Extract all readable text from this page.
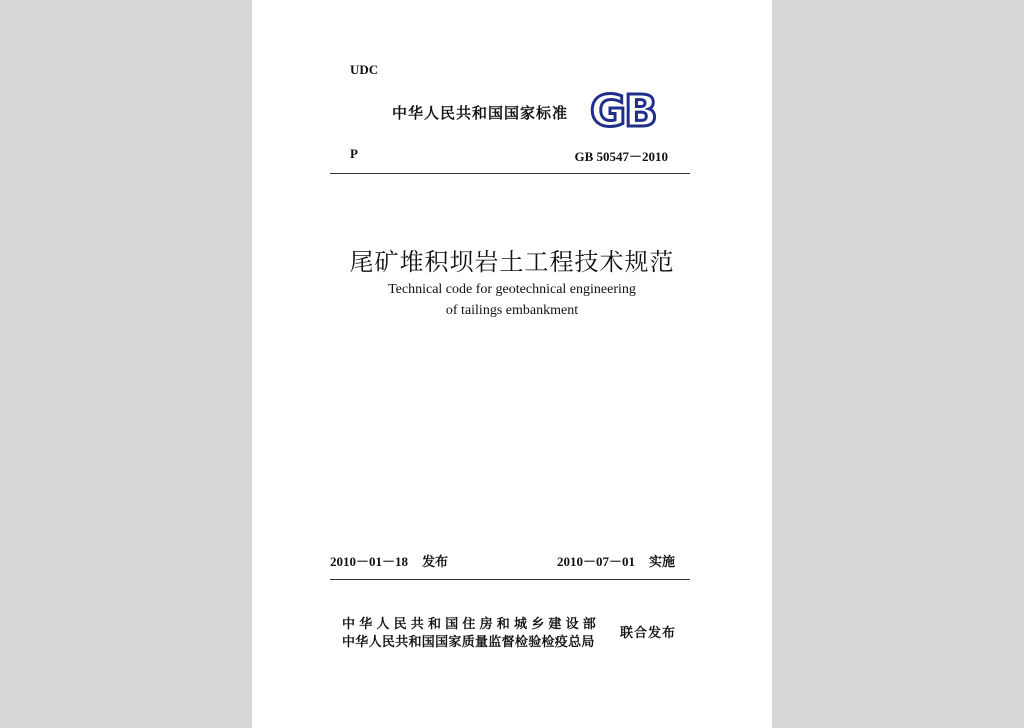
UDC
中华人民共和国国家标准 GB
P	GB 50547－2010
尾矿堆积坝岩土工程技术规范
Technical code for geotechnical engineering
of tailings embankment
2010－01－18 发布	2010－07－01 实施
中华人民共和国住房和城乡建设部
中华人民共和国国家质量监督检验检疫总局
联合发布
